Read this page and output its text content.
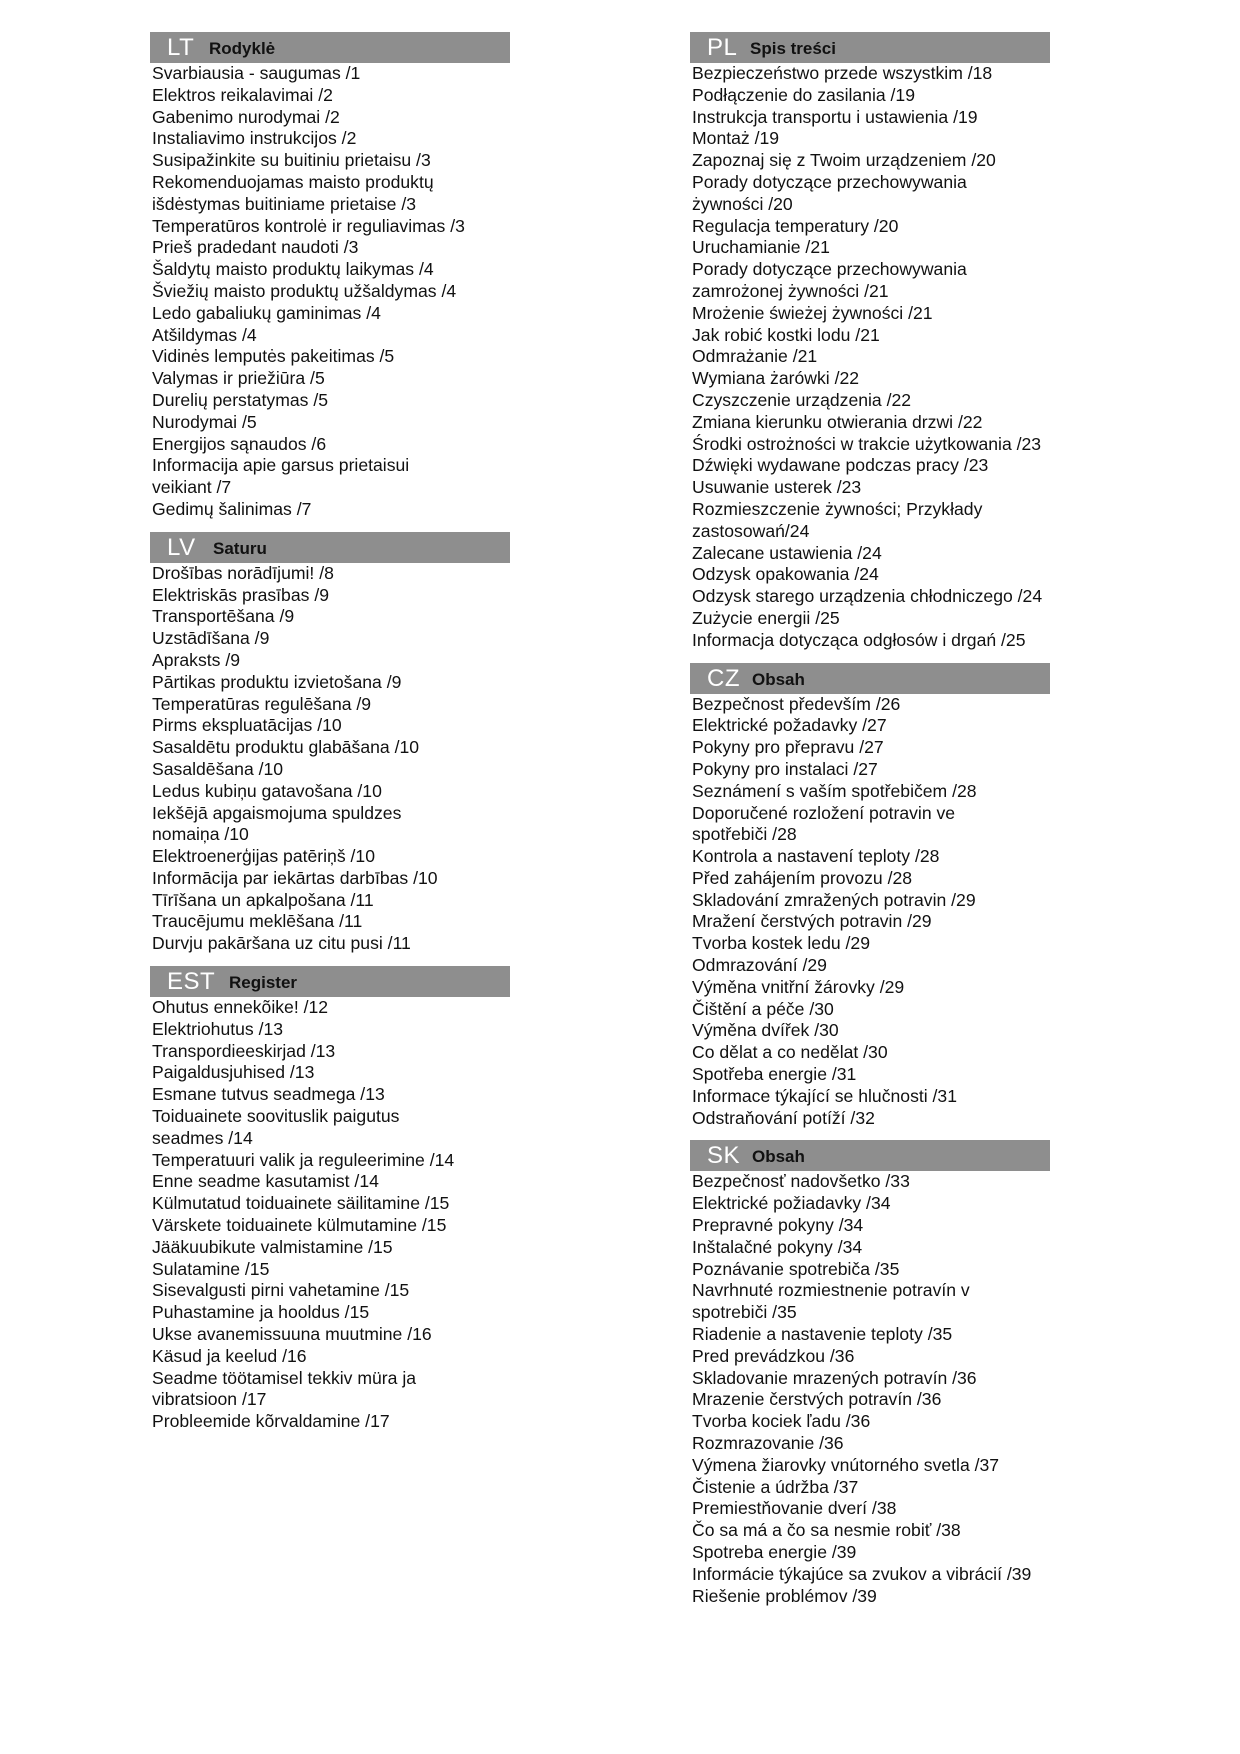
LT Rodyklė
Svarbiausia - saugumas /1
Elektros reikalavimai /2
Gabenimo nurodymai /2
Instaliavimo instrukcijos /2
Susipažinkite su buitiniu prietaisu /3
Rekomenduojamas maisto produktų
išdėstymas buitiniame prietaise /3
Temperatūros kontrolė ir reguliavimas /3
Prieš pradedant naudoti /3
Šaldytų maisto produktų laikymas /4
Šviežių maisto produktų užšaldymas /4
Ledo gabaliukų gaminimas /4
Atšildymas /4
Vidinės lemputės pakeitimas /5
Valymas ir priežiūra /5
Durelių perstatymas /5
Nurodymai /5
Energijos sąnaudos /6
Informacija apie garsus prietaisui
veikiant /7
Gedimų šalinimas /7
LV Saturu
Drošības norādījumi! /8
Elektriskās prasības /9
Transportēšana /9
Uzstādīšana /9
Apraksts /9
Pārtikas produktu izvietošana /9
Temperatūras regulēšana /9
Pirms ekspluatācijas /10
Sasaldētu produktu glabāšana /10
Sasaldēšana /10
Ledus kubiņu gatavošana /10
Iekšējā apgaismojuma spuldzes
nomaiņa /10
Elektroenerģijas patēriņš /10
Informācija par iekārtas darbības /10
Tīrīšana un apkalpošana /11
Traucējumu meklēšana /11
Durvju pakāršana uz citu pusi /11
EST Register
Ohutus ennekõike! /12
Elektriohutus /13
Transpordieeskirjad /13
Paigaldusjuhised /13
Esmane tutvus seadmega /13
Toiduainete soovituslik paigutus
seadmes /14
Temperatuuri valik ja reguleerimine /14
Enne seadme kasutamist /14
Külmutatud toiduainete säilitamine /15
Värskete toiduainete külmutamine /15
Jääkuubikute valmistamine /15
Sulatamine /15
Sisevalgusti pirni vahetamine /15
Puhastamine ja hooldus /15
Ukse avanemissuuna muutmine /16
Käsud ja keelud /16
Seadme töötamisel tekkiv müra ja
vibratsioon /17
Probleemide kõrvaldamine /17
PL Spis treści
Bezpieczeństwo przede wszystkim /18
Podłączenie do zasilania /19
Instrukcja transportu i ustawienia /19
Montaż /19
Zapoznaj się z Twoim urządzeniem /20
Porady dotyczące przechowywania
żywności /20
Regulacja temperatury /20
Uruchamianie /21
Porady dotyczące przechowywania
zamrożonej żywności /21
Mrożenie świeżej żywności /21
Jak robić kostki lodu /21
Odmrażanie /21
Wymiana żarówki /22
Czyszczenie urządzenia /22
Zmiana kierunku otwierania drzwi /22
Środki ostrożności w trakcie użytkowania /23
Dźwięki wydawane podczas pracy /23
Usuwanie usterek /23
Rozmieszczenie żywności; Przykłady
zastosowań/24
Zalecane ustawienia /24
Odzysk opakowania /24
Odzysk starego urządzenia chłodniczego /24
Zużycie energii /25
Informacja dotycząca odgłosów i drgań /25
CZ Obsah
Bezpečnost především /26
Elektrické požadavky /27
Pokyny pro přepravu /27
Pokyny pro instalaci /27
Seznámení s vaším spotřebičem /28
Doporučené rozložení potravin ve
spotřebiči /28
Kontrola a nastavení teploty /28
Před zahájením provozu /28
Skladování zmražených potravin /29
Mražení čerstvých potravin /29
Tvorba kostek ledu /29
Odmrazování /29
Výměna vnitřní žárovky /29
Čištění a péče /30
Výměna dvířek /30
Co dělat a co nedělat /30
Spotřeba energie /31
Informace týkající se hlučnosti /31
Odstraňování potíží /32
SK Obsah
Bezpečnosť nadovšetko /33
Elektrické požiadavky /34
Prepravné pokyny /34
Inštalačné pokyny /34
Poznávanie spotrebiča /35
Navrhnuté rozmiestnenie potravín v
spotrebiči /35
Riadenie a nastavenie teploty /35
Pred prevádzkou /36
Skladovanie mrazených potravín /36
Mrazenie čerstvých potravín /36
Tvorba kociek ľadu /36
Rozmrazovanie /36
Výmena žiarovky vnútorného svetla /37
Čistenie a údržba /37
Premiestňovanie dverí /38
Čo sa má a čo sa nesmie robiť /38
Spotreba energie /39
Informácie týkajúce sa zvukov a vibrácií /39
Riešenie problémov /39
